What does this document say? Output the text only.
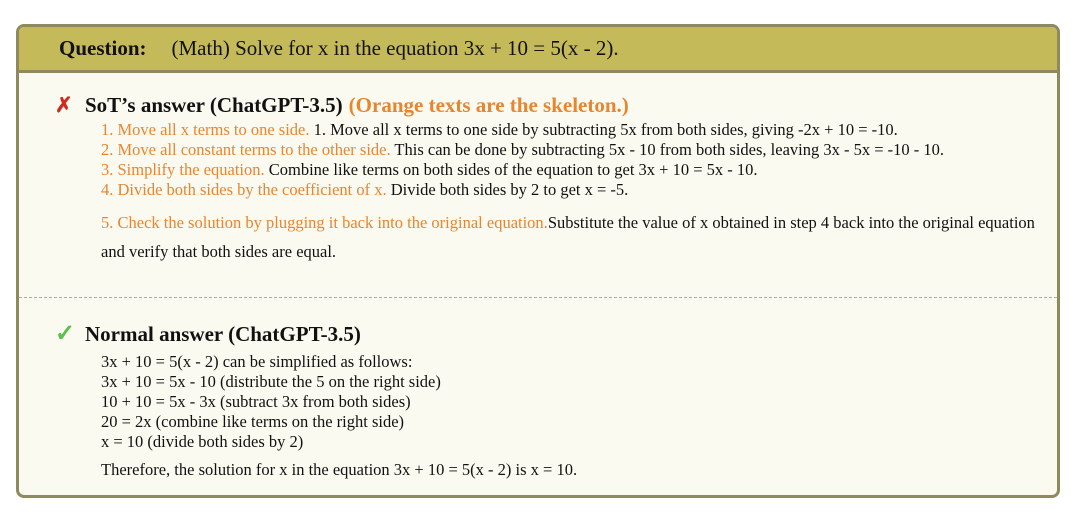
Question: (Math) Solve for x in the equation 3x + 10 = 5(x - 2).
✗ SoT’s answer (ChatGPT-3.5) (Orange texts are the skeleton.)
1. Move all x terms to one side. 1. Move all x terms to one side by subtracting 5x from both sides, giving -2x + 10 = -10.
2. Move all constant terms to the other side. This can be done by subtracting 5x - 10 from both sides, leaving 3x - 5x = -10 - 10.
3. Simplify the equation. Combine like terms on both sides of the equation to get 3x + 10 = 5x - 10.
4. Divide both sides by the coefficient of x. Divide both sides by 2 to get x = -5.
5. Check the solution by plugging it back into the original equation.Substitute the value of x obtained in step 4 back into the original equation and verify that both sides are equal.
✓ Normal answer (ChatGPT-3.5)
3x + 10 = 5(x - 2) can be simplified as follows:
3x + 10 = 5x - 10 (distribute the 5 on the right side)
10 + 10 = 5x - 3x (subtract 3x from both sides)
20 = 2x (combine like terms on the right side)
x = 10 (divide both sides by 2)
Therefore, the solution for x in the equation 3x + 10 = 5(x - 2) is x = 10.
